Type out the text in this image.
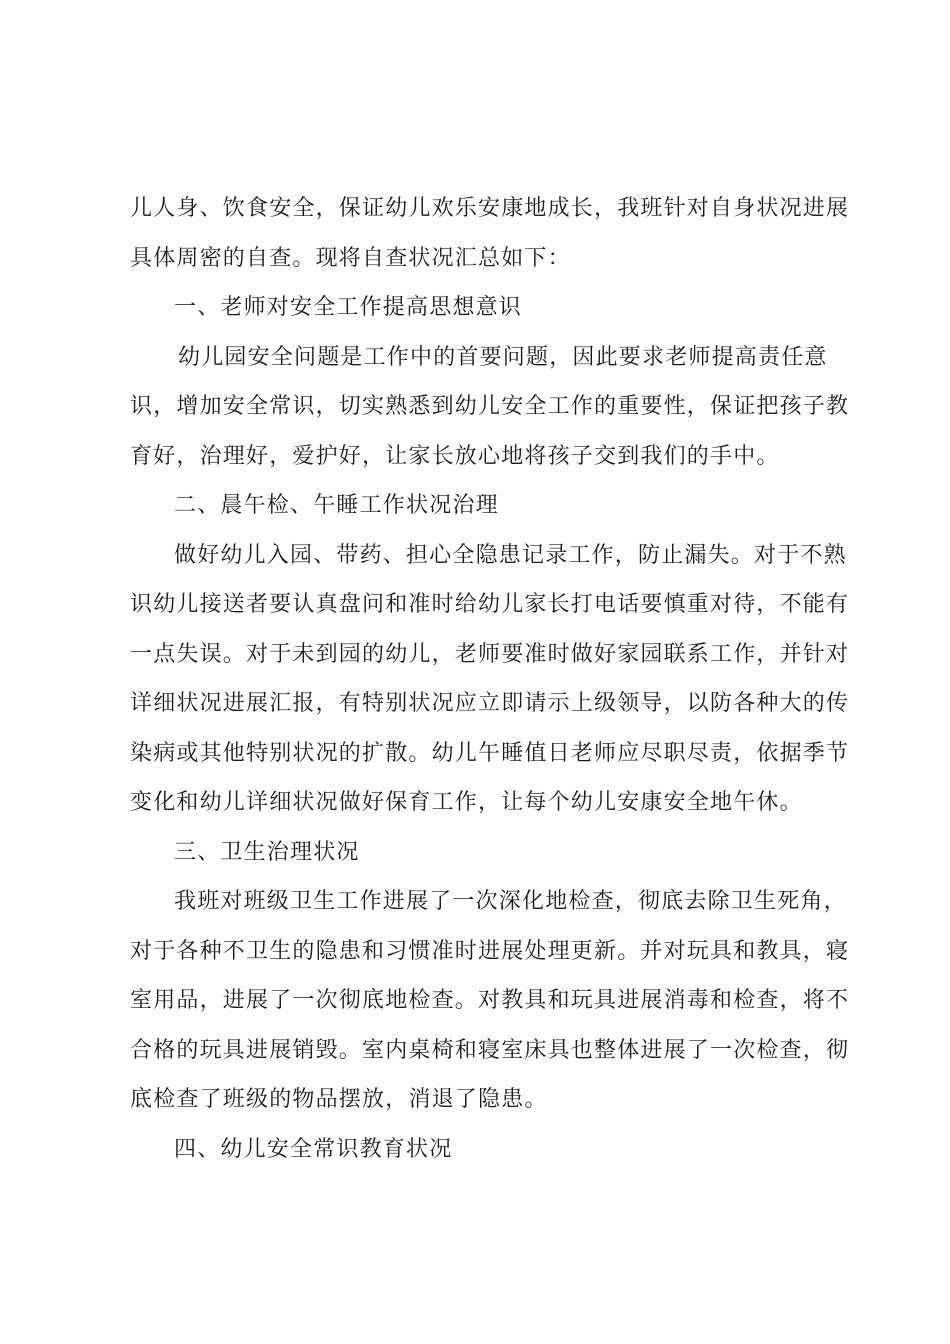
儿人身、饮食安全，保证幼儿欢乐安康地成长，我班针对自身状况进展
具体周密的自查。现将自查状况汇总如下：
一、老师对安全工作提高思想意识
幼儿园安全问题是工作中的首要问题，因此要求老师提高责任意
识，增加安全常识，切实熟悉到幼儿安全工作的重要性，保证把孩子教
育好，治理好，爱护好，让家长放心地将孩子交到我们的手中。
二、晨午检、午睡工作状况治理
做好幼儿入园、带药、担心全隐患记录工作，防止漏失。对于不熟
识幼儿接送者要认真盘问和准时给幼儿家长打电话要慎重对待，不能有
一点失误。对于未到园的幼儿，老师要准时做好家园联系工作，并针对
详细状况进展汇报，有特别状况应立即请示上级领导，以防各种大的传
染病或其他特别状况的扩散。幼儿午睡值日老师应尽职尽责，依据季节
变化和幼儿详细状况做好保育工作，让每个幼儿安康安全地午休。
三、卫生治理状况
我班对班级卫生工作进展了一次深化地检查，彻底去除卫生死角，
对于各种不卫生的隐患和习惯准时进展处理更新。并对玩具和教具，寝
室用品，进展了一次彻底地检查。对教具和玩具进展消毒和检查，将不
合格的玩具进展销毁。室内桌椅和寝室床具也整体进展了一次检查，彻
底检查了班级的物品摆放，消退了隐患。
四、幼儿安全常识教育状况
